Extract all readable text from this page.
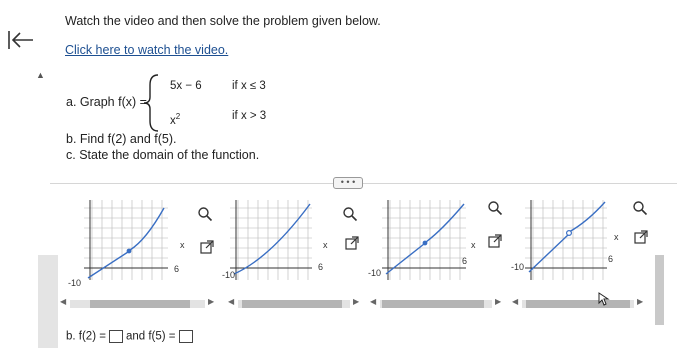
▲
Watch the video and then solve the problem given below.
Click here to watch the video.
a. Graph f(x) =
5x − 6	if x ≤ 3
$x^2$	if x > 3
b. Find f(2) and f(5).
c. State the domain of the function.
• • •
-10
x
6
-10
x
6
-10
x
6
-10
x
6
◀	▶ ◀	▶ ◀	▶ ◀	▶
b. f(2) = and f(5) =
